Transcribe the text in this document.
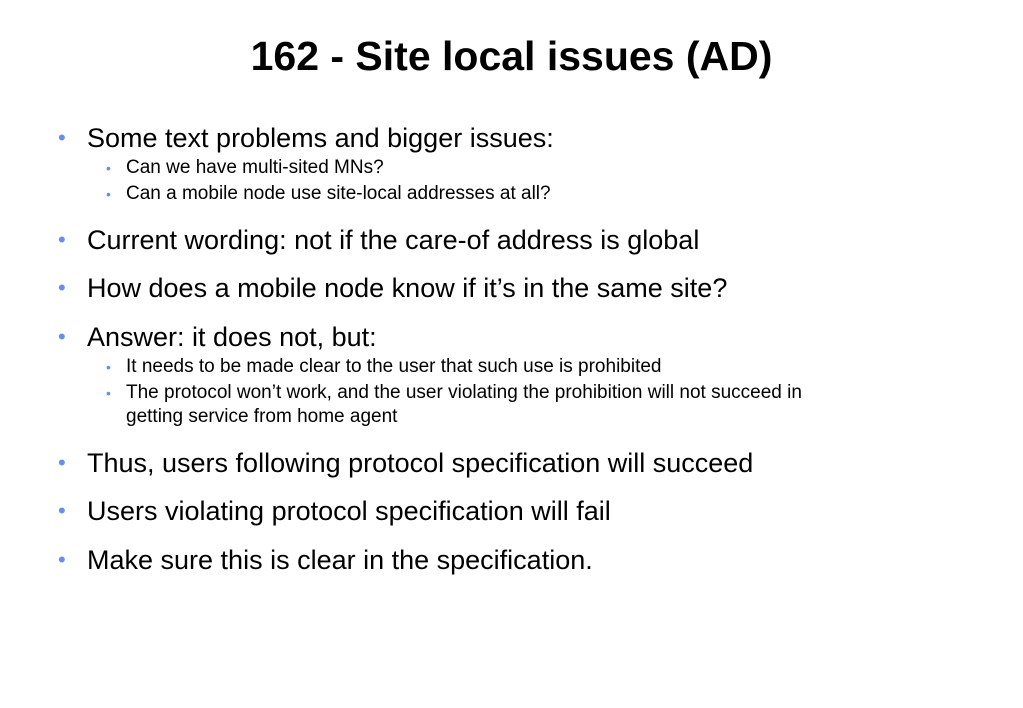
162 - Site local issues (AD)
• Some text problems and bigger issues:
• Can we have multi-sited MNs?
• Can a mobile node use site-local addresses at all?
• Current wording: not if the care-of address is global
• How does a mobile node know if it’s in the same site?
• Answer: it does not, but:
• It needs to be made clear to the user that such use is prohibited
• The protocol won’t work, and the user violating the prohibition will not succeed in
getting service from home agent
• Thus, users following protocol specification will succeed
• Users violating protocol specification will fail
• Make sure this is clear in the specification.
